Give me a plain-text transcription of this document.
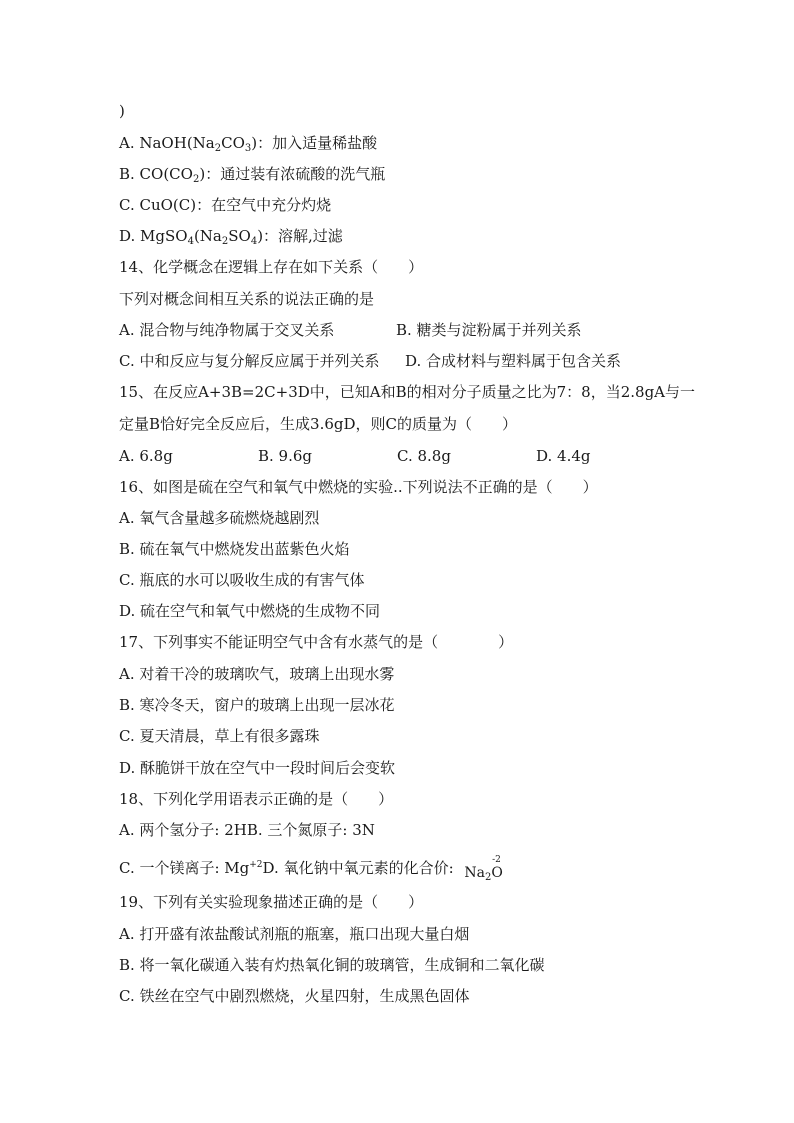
)
A. $NaOH(Na_2CO_3)$：加入适量稀盐酸
B. $CO(CO_2)$：通过装有浓硫酸的洗气瓶
C. CuO(C)：在空气中充分灼烧
D. $MgSO_4(Na_2SO_4)$：溶解,过滤
14、化学概念在逻辑上存在如下关系（　　）
下列对概念间相互关系的说法正确的是
A. 混合物与纯净物属于交叉关系	B. 糖类与淀粉属于并列关系
C. 中和反应与复分解反应属于并列关系 D. 合成材料与塑料属于包含关系
15、在反应A+3B=2C+3D中，已知A和B的相对分子质量之比为7：8，当2.8gA与一
定量B恰好完全反应后，生成3.6gD，则C的质量为（　　）
A. 6.8g	B. 9.6g	C. 8.8g	D. 4.4g
16、如图是硫在空气和氧气中燃烧的实验..下列说法不正确的是（　　）
A. 氧气含量越多硫燃烧越剧烈
B. 硫在氧气中燃烧发出蓝紫色火焰
C. 瓶底的水可以吸收生成的有害气体
D. 硫在空气和氧气中燃烧的生成物不同
17、下列事实不能证明空气中含有水蒸气的是（　　　　）
A. 对着干冷的玻璃吹气，玻璃上出现水雾
B. 寒冷冬天，窗户的玻璃上出现一层冰花
C. 夏天清晨，草上有很多露珠
D. 酥脆饼干放在空气中一段时间后会变软
18、下列化学用语表示正确的是（　　）
A. 两个氢分子: 2HB. 三个氮原子: 3N
C. 一个镁离子: $Mg^{+2}D$. 氧化钠中氧元素的化合价: $Na_2O$
-2
19、下列有关实验现象描述正确的是（　　）
A. 打开盛有浓盐酸试剂瓶的瓶塞，瓶口出现大量白烟
B. 将一氧化碳通入装有灼热氧化铜的玻璃管，生成铜和二氧化碳
C. 铁丝在空气中剧烈燃烧，火星四射，生成黑色固体
